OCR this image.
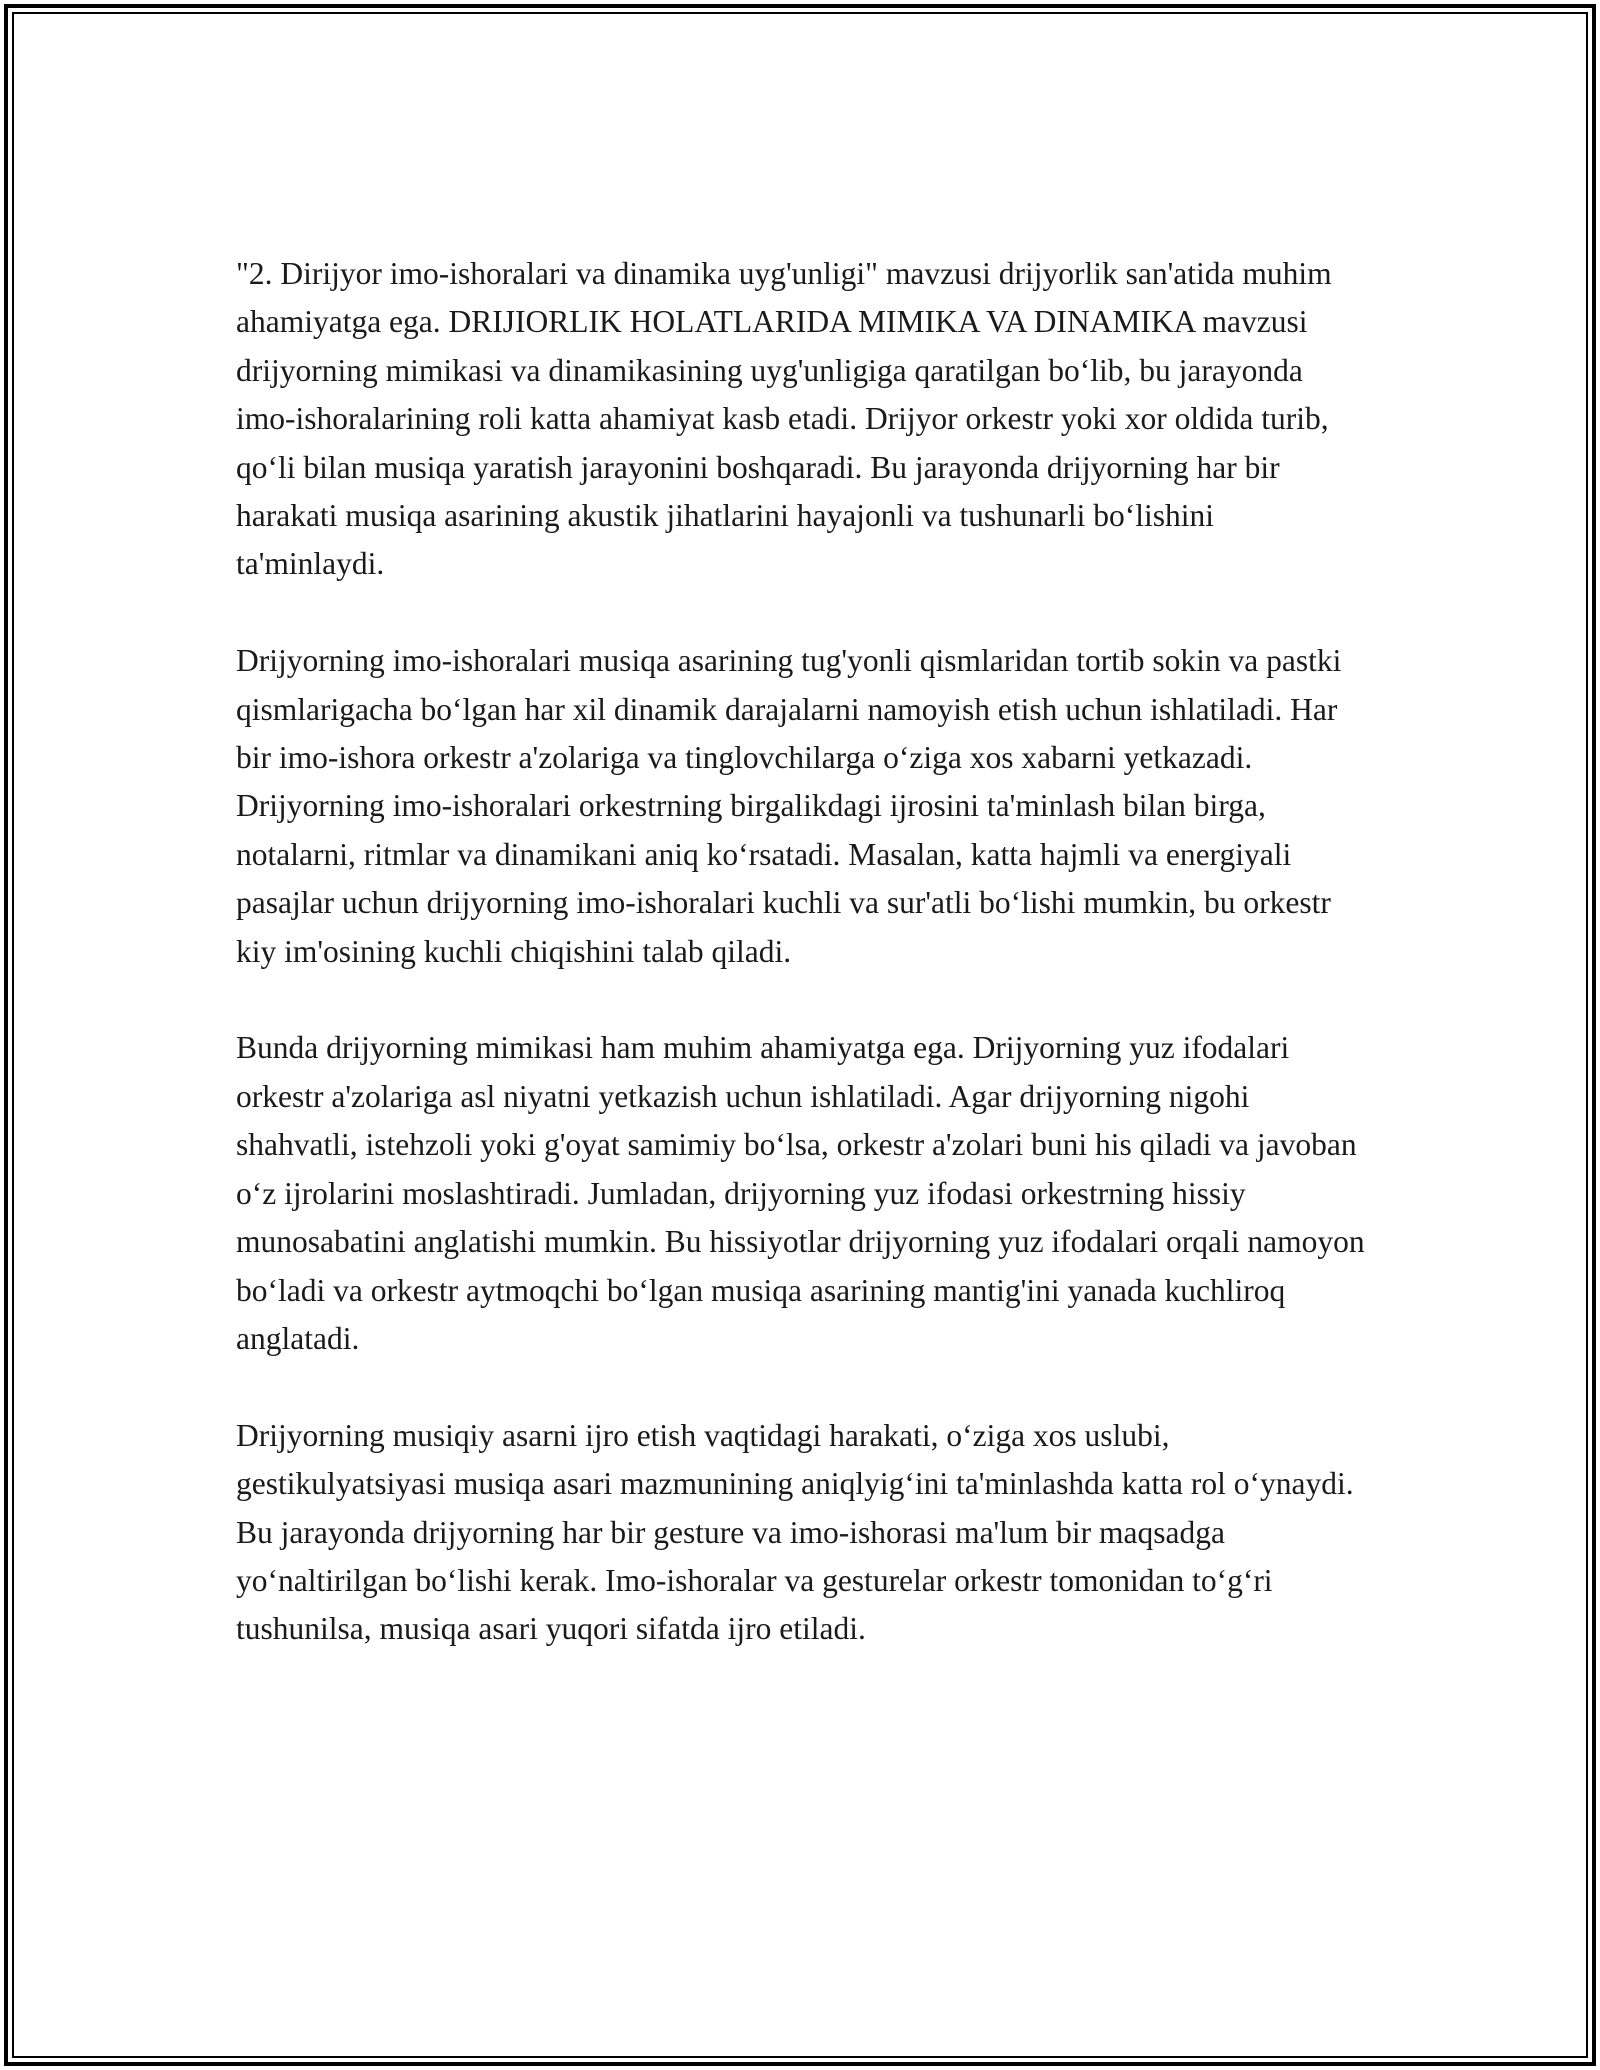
"2. Dirijyor imo-ishoralari va dinamika uyg'unligi" mavzusi drijyorlik san'atida muhim ahamiyatga ega. DRIJIORLIK HOLATLARIDA MIMIKA VA DINAMIKA mavzusi drijyorning mimikasi va dinamikasining uyg'unligiga qaratilgan bo‘lib, bu jarayonda imo-ishoralarining roli katta ahamiyat kasb etadi. Drijyor orkestr yoki xor oldida turib, qo‘li bilan musiqa yaratish jarayonini boshqaradi. Bu jarayonda drijyorning har bir harakati musiqa asarining akustik jihatlarini hayajonli va tushunarli bo‘lishini ta'minlaydi.

Drijyorning imo-ishoralari musiqa asarining tug'yonli qismlaridan tortib sokin va pastki qismlarigacha bo‘lgan har xil dinamik darajalarni namoyish etish uchun ishlatiladi. Har bir imo-ishora orkestr a'zolariga va tinglovchilarga o‘ziga xos xabarni yetkazadi. Drijyorning imo-ishoralari orkestrning birgalikdagi ijrosini ta'minlash bilan birga, notalarni, ritmlar va dinamikani aniq ko‘rsatadi. Masalan, katta hajmli va energiyali pasajlar uchun drijyorning imo-ishoralari kuchli va sur'atli bo‘lishi mumkin, bu orkestr kiy im'osining kuchli chiqishini talab qiladi.

Bunda drijyorning mimikasi ham muhim ahamiyatga ega. Drijyorning yuz ifodalari orkestr a'zolariga asl niyatni yetkazish uchun ishlatiladi. Agar drijyorning nigohi shahvatli, istehzoli yoki g'oyat samimiy bo‘lsa, orkestr a'zolari buni his qiladi va javoban o‘z ijrolarini moslashtiradi. Jumladan, drijyorning yuz ifodasi orkestrning hissiy munosabatini anglatishi mumkin. Bu hissiyotlar drijyorning yuz ifodalari orqali namoyon bo‘ladi va orkestr aytmoqchi bo‘lgan musiqa asarining mantig'ini yanada kuchliroq anglatadi.

Drijyorning musiqiy asarni ijro etish vaqtidagi harakati, o‘ziga xos uslubi, gestikulyatsiyasi musiqa asari mazmunining aniqlyig‘ini ta'minlashda katta rol o‘ynaydi. Bu jarayonda drijyorning har bir gesture va imo-ishorasi ma'lum bir maqsadga yo‘naltirilgan bo‘lishi kerak. Imo-ishoralar va gesturelar orkestr tomonidan to‘g‘ri tushunilsa, musiqa asari yuqori sifatda ijro etiladi.
